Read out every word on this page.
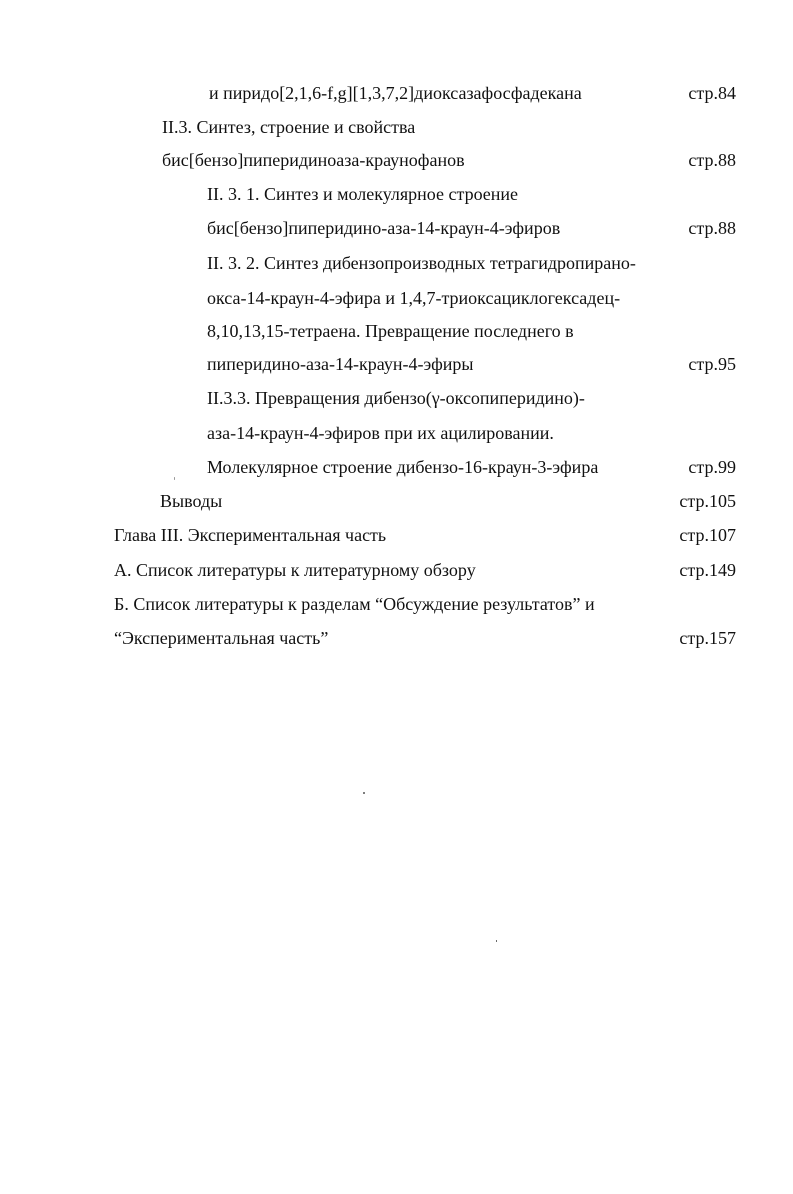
и пиридо[2,1,6-f,g][1,3,7,2]диоксазафосфадекана	стр.84
II.3. Синтез, строение и свойства
бис[бензо]пиперидиноаза-краунофанов	стр.88
II. 3. 1. Синтез и молекулярное строение
бис[бензо]пиперидино-аза-14-краун-4-эфиров	стр.88
II. 3. 2. Синтез дибензопроизводных тетрагидропирано-
окса-14-краун-4-эфира и 1,4,7-триоксациклогексадец-
8,10,13,15-тетраена. Превращение последнего в
пиперидино-аза-14-краун-4-эфиры	стр.95
II.3.3. Превращения дибензо(γ-оксопиперидино)-
аза-14-краун-4-эфиров при их ацилировании.
Молекулярное строение дибензо-16-краун-3-эфира	стр.99
Выводы	стр.105
Глава III. Экспериментальная часть	стр.107
А. Список литературы к литературному обзору	стр.149
Б. Список литературы к разделам “Обсуждение результатов” и
“Экспериментальная часть”	стр.157
